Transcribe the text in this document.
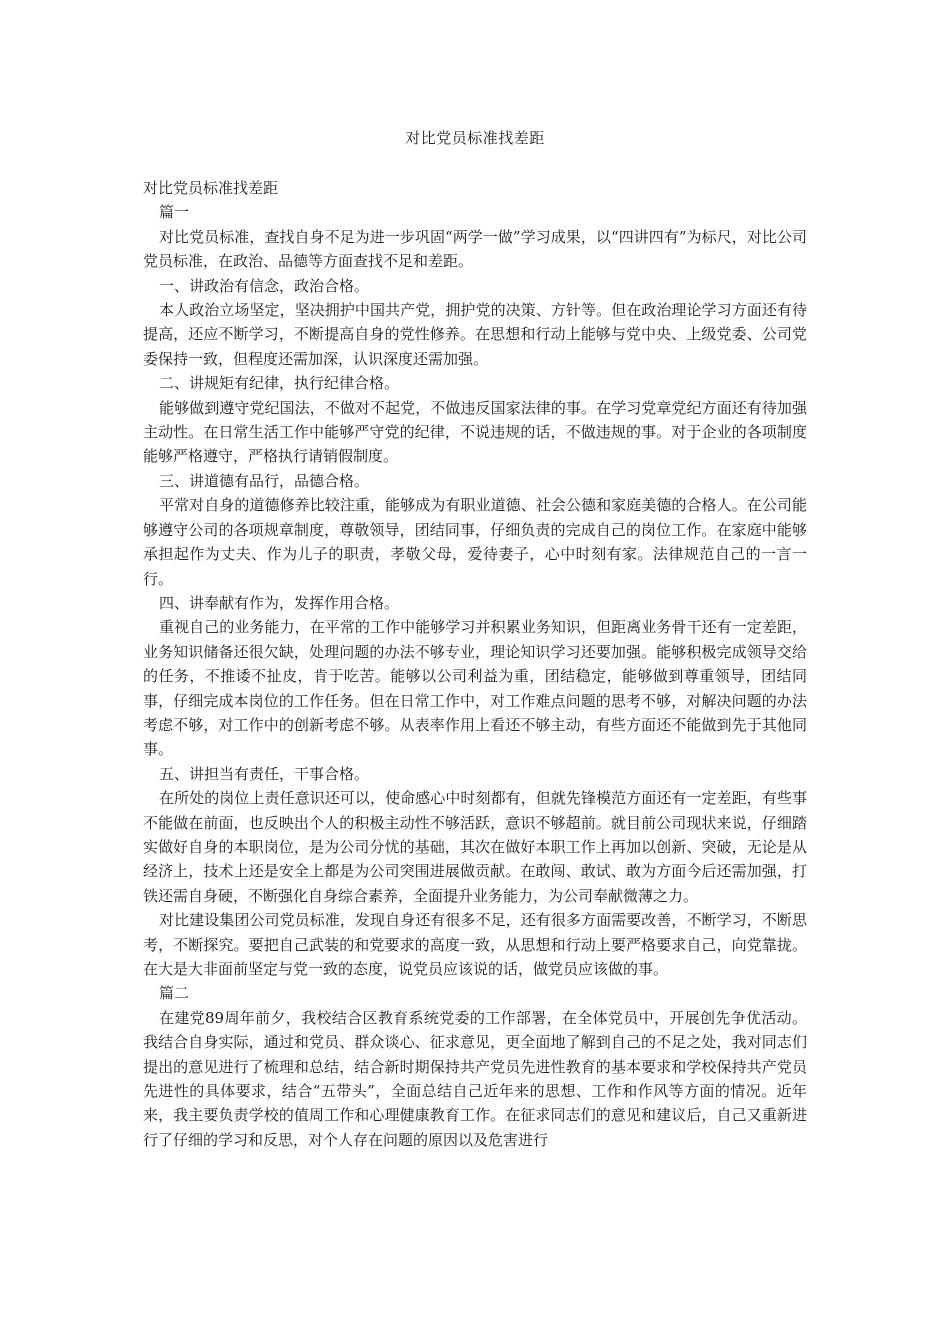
对比党员标准找差距

对比党员标准找差距

篇一

对比党员标准，查找自身不足为进一步巩固“两学一做”学习成果，以“四讲四有”为标尺，对比公司党员标准，在政治、品德等方面查找不足和差距。

一、讲政治有信念，政治合格。

本人政治立场坚定，坚决拥护中国共产党，拥护党的决策、方针等。但在政治理论学习方面还有待提高，还应不断学习，不断提高自身的党性修养。在思想和行动上能够与党中央、上级党委、公司党委保持一致，但程度还需加深，认识深度还需加强。

二、讲规矩有纪律，执行纪律合格。

能够做到遵守党纪国法，不做对不起党，不做违反国家法律的事。在学习党章党纪方面还有待加强主动性。在日常生活工作中能够严守党的纪律，不说违规的话，不做违规的事。对于企业的各项制度能够严格遵守，严格执行请销假制度。

三、讲道德有品行，品德合格。

平常对自身的道德修养比较注重，能够成为有职业道德、社会公德和家庭美德的合格人。在公司能够遵守公司的各项规章制度，尊敬领导，团结同事，仔细负责的完成自己的岗位工作。在家庭中能够承担起作为丈夫、作为儿子的职责，孝敬父母，爱待妻子，心中时刻有家。法律规范自己的一言一行。

四、讲奉献有作为，发挥作用合格。

重视自己的业务能力，在平常的工作中能够学习并积累业务知识，但距离业务骨干还有一定差距，业务知识储备还很欠缺，处理问题的办法不够专业，理论知识学习还要加强。能够积极完成领导交给的任务，不推诿不扯皮，肯于吃苦。能够以公司利益为重，团结稳定，能够做到尊重领导，团结同事，仔细完成本岗位的工作任务。但在日常工作中，对工作难点问题的思考不够，对解决问题的办法考虑不够，对工作中的创新考虑不够。从表率作用上看还不够主动，有些方面还不能做到先于其他同事。

五、讲担当有责任，干事合格。

在所处的岗位上责任意识还可以，使命感心中时刻都有，但就先锋模范方面还有一定差距，有些事不能做在前面，也反映出个人的积极主动性不够活跃，意识不够超前。就目前公司现状来说，仔细踏实做好自身的本职岗位，是为公司分忧的基础，其次在做好本职工作上再加以创新、突破，无论是从经济上，技术上还是安全上都是为公司突围进展做贡献。在敢闯、敢试、敢为方面今后还需加强，打铁还需自身硬，不断强化自身综合素养，全面提升业务能力，为公司奉献微薄之力。

对比建设集团公司党员标准，发现自身还有很多不足，还有很多方面需要改善，不断学习，不断思考，不断探究。要把自己武装的和党要求的高度一致，从思想和行动上要严格要求自己，向党靠拢。在大是大非面前坚定与党一致的态度，说党员应该说的话，做党员应该做的事。

篇二

在建党89周年前夕，我校结合区教育系统党委的工作部署，在全体党员中，开展创先争优活动。我结合自身实际，通过和党员、群众谈心、征求意见，更全面地了解到自己的不足之处，我对同志们提出的意见进行了梳理和总结，结合新时期保持共产党员先进性教育的基本要求和学校保持共产党员先进性的具体要求，结合“五带头”，全面总结自己近年来的思想、工作和作风等方面的情况。近年来，我主要负责学校的值周工作和心理健康教育工作。在征求同志们的意见和建议后，自己又重新进行了仔细的学习和反思，对个人存在问题的原因以及危害进行
